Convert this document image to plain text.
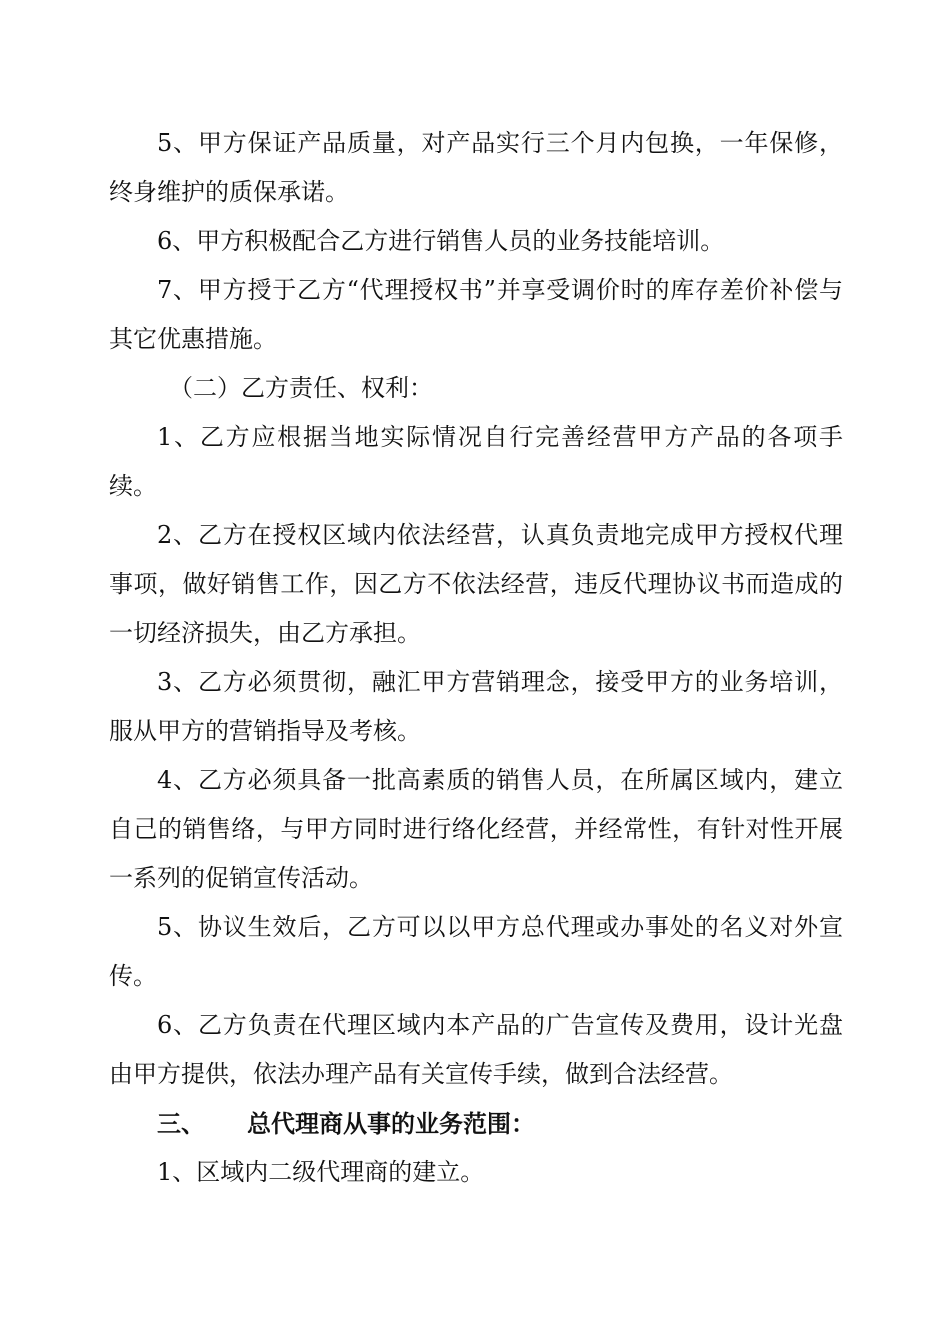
5、甲方保证产品质量，对产品实行三个月内包换，一年保修，终身维护的质保承诺。

6、甲方积极配合乙方进行销售人员的业务技能培训。

7、甲方授于乙方“代理授权书”并享受调价时的库存差价补偿与其它优惠措施。

（二）乙方责任、权利：

1、乙方应根据当地实际情况自行完善经营甲方产品的各项手续。

2、乙方在授权区域内依法经营，认真负责地完成甲方授权代理事项，做好销售工作，因乙方不依法经营，违反代理协议书而造成的一切经济损失，由乙方承担。

3、乙方必须贯彻，融汇甲方营销理念，接受甲方的业务培训，服从甲方的营销指导及考核。

4、乙方必须具备一批高素质的销售人员，在所属区域内，建立自己的销售络，与甲方同时进行络化经营，并经常性，有针对性开展一系列的促销宣传活动。

5、协议生效后，乙方可以以甲方总代理或办事处的名义对外宣传。

6、乙方负责在代理区域内本产品的广告宣传及费用，设计光盘由甲方提供，依法办理产品有关宣传手续，做到合法经营。

三、 总代理商从事的业务范围：

1、区域内二级代理商的建立。
